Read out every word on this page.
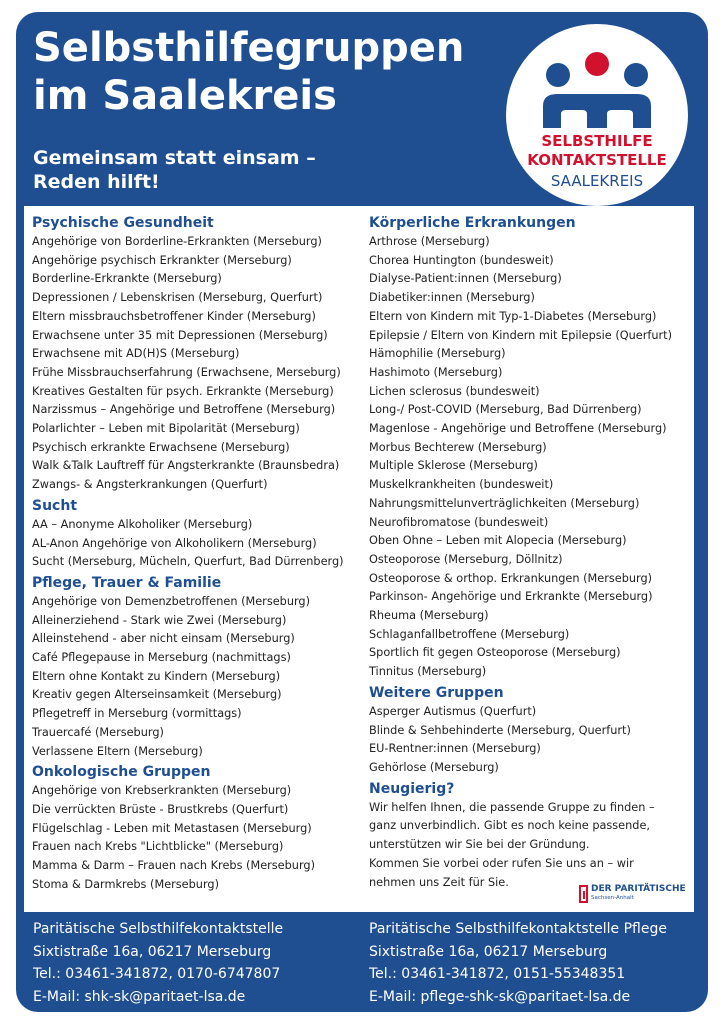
Selbsthilfegruppen
im Saalekreis

Gemeinsam statt einsam –
Reden hilft!

SELBSTHILFE
KONTAKTSTELLE
SAALEKREIS
Psychische Gesundheit
Angehörige von Borderline-Erkrankten (Merseburg)
Angehörige psychisch Erkrankter (Merseburg)
Borderline-Erkrankte (Merseburg)
Depressionen / Lebenskrisen (Merseburg, Querfurt)
Eltern missbrauchsbetroffener Kinder (Merseburg)
Erwachsene unter 35 mit Depressionen (Merseburg)
Erwachsene mit AD(H)S (Merseburg)
Frühe Missbrauchserfahrung (Erwachsene, Merseburg)
Kreatives Gestalten für psych. Erkrankte (Merseburg)
Narzissmus – Angehörige und Betroffene (Merseburg)
Polarlichter – Leben mit Bipolarität (Merseburg)
Psychisch erkrankte Erwachsene (Merseburg)
Walk &Talk Lauftreff für Angsterkrankte (Braunsbedra)
Zwangs- & Angsterkrankungen (Querfurt)
Sucht
AA – Anonyme Alkoholiker (Merseburg)
AL-Anon Angehörige von Alkoholikern (Merseburg)
Sucht (Merseburg, Mücheln, Querfurt, Bad Dürrenberg)
Pflege, Trauer & Familie
Angehörige von Demenzbetroffenen (Merseburg)
Alleinerziehend - Stark wie Zwei (Merseburg)
Alleinstehend - aber nicht einsam (Merseburg)
Café Pflegepause in Merseburg (nachmittags)
Eltern ohne Kontakt zu Kindern (Merseburg)
Kreativ gegen Alterseinsamkeit (Merseburg)
Pflegetreff in Merseburg (vormittags)
Trauercafé (Merseburg)
Verlassene Eltern (Merseburg)
Onkologische Gruppen
Angehörige von Krebserkrankten (Merseburg)
Die verrückten Brüste - Brustkrebs (Querfurt)
Flügelschlag - Leben mit Metastasen (Merseburg)
Frauen nach Krebs "Lichtblicke" (Merseburg)
Mamma & Darm – Frauen nach Krebs (Merseburg)
Stoma & Darmkrebs (Merseburg)
Körperliche Erkrankungen
Arthrose (Merseburg)
Chorea Huntington (bundesweit)
Dialyse-Patient:innen (Merseburg)
Diabetiker:innen (Merseburg)
Eltern von Kindern mit Typ-1-Diabetes (Merseburg)
Epilepsie / Eltern von Kindern mit Epilepsie (Querfurt)
Hämophilie (Merseburg)
Hashimoto (Merseburg)
Lichen sclerosus (bundesweit)
Long-/ Post-COVID (Merseburg, Bad Dürrenberg)
Magenlose - Angehörige und Betroffene (Merseburg)
Morbus Bechterew (Merseburg)
Multiple Sklerose (Merseburg)
Muskelkrankheiten (bundesweit)
Nahrungsmittelunverträglichkeiten (Merseburg)
Neurofibromatose (bundesweit)
Oben Ohne – Leben mit Alopecia (Merseburg)
Osteoporose (Merseburg, Döllnitz)
Osteoporose & orthop. Erkrankungen (Merseburg)
Parkinson- Angehörige und Erkrankte (Merseburg)
Rheuma (Merseburg)
Schlaganfallbetroffene (Merseburg)
Sportlich fit gegen Osteoporose (Merseburg)
Tinnitus (Merseburg)
Weitere Gruppen
Asperger Autismus (Querfurt)
Blinde & Sehbehinderte (Merseburg, Querfurt)
EU-Rentner:innen (Merseburg)
Gehörlose (Merseburg)
Neugierig?
Wir helfen Ihnen, die passende Gruppe zu finden –
ganz unverbindlich. Gibt es noch keine passende,
unterstützen wir Sie bei der Gründung.
Kommen Sie vorbei oder rufen Sie uns an – wir
nehmen uns Zeit für Sie.
DER PARITÄTISCHE
Sachsen-Anhalt
Paritätische Selbsthilfekontaktstelle
Sixtistraße 16a, 06217 Merseburg
Tel.: 03461-341872, 0170-6747807
E-Mail: shk-sk@paritaet-lsa.de
Paritätische Selbsthilfekontaktstelle Pflege
Sixtistraße 16a, 06217 Merseburg
Tel.: 03461-341872, 0151-55348351
E-Mail: pflege-shk-sk@paritaet-lsa.de
